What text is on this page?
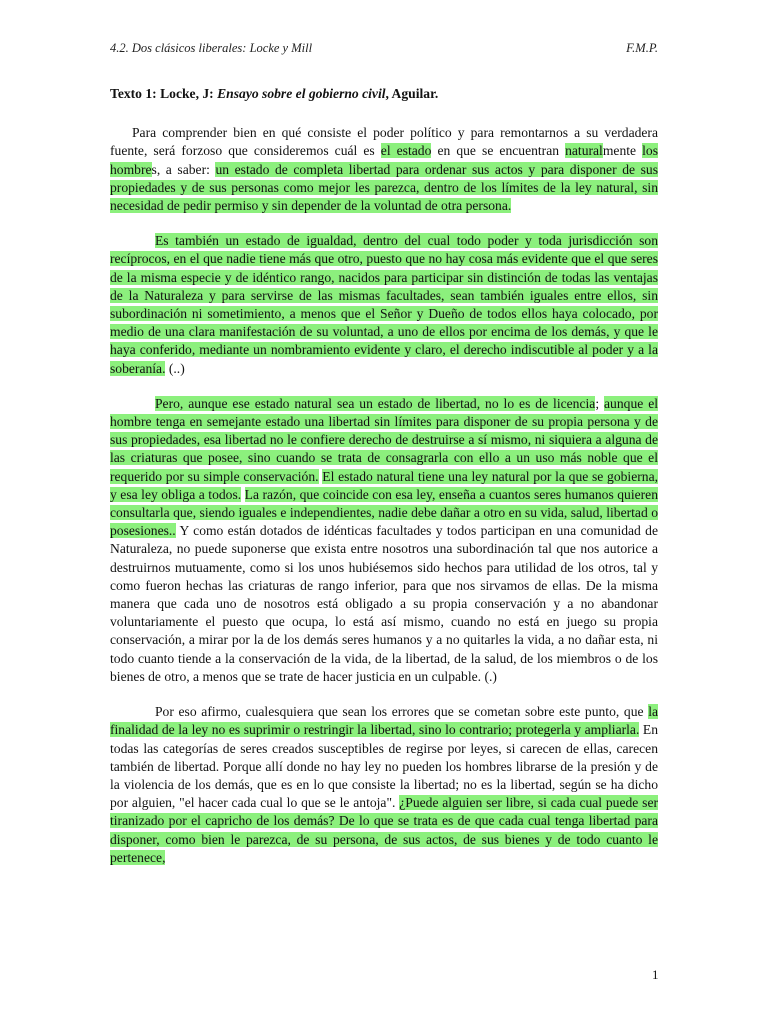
4.2. Dos clásicos liberales: Locke y Mill	F.M.P.

Texto 1: Locke, J: Ensayo sobre el gobierno civil, Aguilar.

Para comprender bien en qué consiste el poder político y para remontarnos a su verdadera fuente, será forzoso que consideremos cuál es el estado en que se encuentran naturalmente los hombres, a saber: un estado de completa libertad para ordenar sus actos y para disponer de sus propiedades y de sus personas como mejor les parezca, dentro de los límites de la ley natural, sin necesidad de pedir permiso y sin depender de la voluntad de otra persona.

Es también un estado de igualdad, dentro del cual todo poder y toda jurisdicción son recíprocos, en el que nadie tiene más que otro, puesto que no hay cosa más evidente que el que seres de la misma especie y de idéntico rango, nacidos para participar sin distinción de todas las ventajas de la Naturaleza y para servirse de las mismas facultades, sean también iguales entre ellos, sin subordinación ni sometimiento, a menos que el Señor y Dueño de todos ellos haya colocado, por medio de una clara manifestación de su voluntad, a uno de ellos por encima de los demás, y que le haya conferido, mediante un nombramiento evidente y claro, el derecho indiscutible al poder y a la soberanía. (..)

Pero, aunque ese estado natural sea un estado de libertad, no lo es de licencia; aunque el hombre tenga en semejante estado una libertad sin límites para disponer de su propia persona y de sus propiedades, esa libertad no le confiere derecho de destruirse a sí mismo, ni siquiera a alguna de las criaturas que posee, sino cuando se trata de consagrarla con ello a un uso más noble que el requerido por su simple conservación. El estado natural tiene una ley natural por la que se gobierna, y esa ley obliga a todos. La razón, que coincide con esa ley, enseña a cuantos seres humanos quieren consultarla que, siendo iguales e independientes, nadie debe dañar a otro en su vida, salud, libertad o posesiones.. Y como están dotados de idénticas facultades y todos participan en una comunidad de Naturaleza, no puede suponerse que exista entre nosotros una subordinación tal que nos autorice a destruirnos mutuamente, como si los unos hubiésemos sido hechos para utilidad de los otros, tal y como fueron hechas las criaturas de rango inferior, para que nos sirvamos de ellas. De la misma manera que cada uno de nosotros está obligado a su propia conservación y a no abandonar voluntariamente el puesto que ocupa, lo está así mismo, cuando no está en juego su propia conservación, a mirar por la de los demás seres humanos y a no quitarles la vida, a no dañar esta, ni todo cuanto tiende a la conservación de la vida, de la libertad, de la salud, de los miembros o de los bienes de otro, a menos que se trate de hacer justicia en un culpable. (.)

Por eso afirmo, cualesquiera que sean los errores que se cometan sobre este punto, que la finalidad de la ley no es suprimir o restringir la libertad, sino lo contrario; protegerla y ampliarla. En todas las categorías de seres creados susceptibles de regirse por leyes, si carecen de ellas, carecen también de libertad. Porque allí donde no hay ley no pueden los hombres librarse de la presión y de la violencia de los demás, que es en lo que consiste la libertad; no es la libertad, según se ha dicho por alguien, "el hacer cada cual lo que se le antoja". ¿Puede alguien ser libre, si cada cual puede ser tiranizado por el capricho de los demás? De lo que se trata es de que cada cual tenga libertad para disponer, como bien le parezca, de su persona, de sus actos, de sus bienes y de todo cuanto le pertenece,

1
